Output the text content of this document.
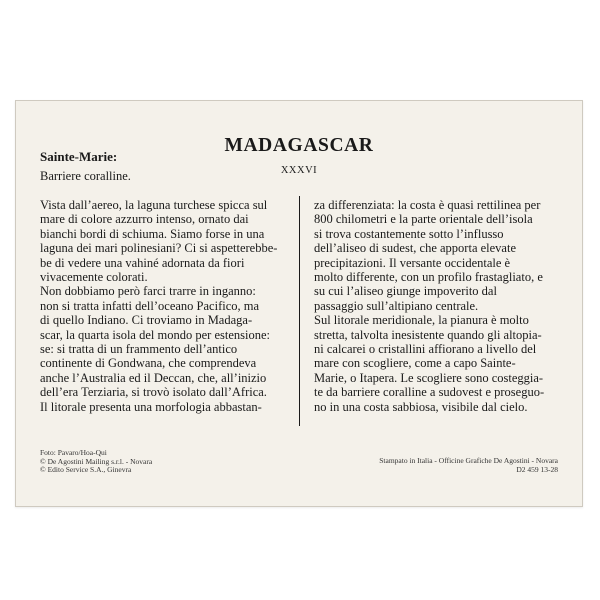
MADAGASCAR
Sainte-Marie:
Barriere coralline.	XXXVI
Vista dall’aereo, la laguna turchese spicca sul
mare di colore azzurro intenso, ornato dai
bianchi bordi di schiuma. Siamo forse in una
laguna dei mari polinesiani? Ci si aspetterebbe-
be di vedere una vahiné adornata da fiori
vivacemente colorati.
Non dobbiamo però farci trarre in inganno:
non si tratta infatti dell’oceano Pacifico, ma
di quello Indiano. Ci troviamo in Madaga-
scar, la quarta isola del mondo per estensione:
se: si tratta di un frammento dell’antico
continente di Gondwana, che comprendeva
anche l’Australia ed il Deccan, che, all’inizio
dell’era Terziaria, si trovò isolato dall’Africa.
Il litorale presenta una morfologia abbastan-
za differenziata: la costa è quasi rettilinea per
800 chilometri e la parte orientale dell’isola
si trova costantemente sotto l’influsso
dell’aliseo di sudest, che apporta elevate
precipitazioni. Il versante occidentale è
molto differente, con un profilo frastagliato, e
su cui l’aliseo giunge impoverito dal
passaggio sull’altipiano centrale.
Sul litorale meridionale, la pianura è molto
stretta, talvolta inesistente quando gli altopia-
ni calcarei o cristallini affiorano a livello del
mare con scogliere, come a capo Sainte-
Marie, o Itapera. Le scogliere sono costeggia-
te da barriere coralline a sudovest e proseguo-
no in una costa sabbiosa, visibile dal cielo.
Foto: Pavaro/Hoa-Qui
© De Agostini Mailing s.r.l. - Novara
© Edito Service S.A., Ginevra
Stampato in Italia - Officine Grafiche De Agostini - Novara
D2 459 13-28
